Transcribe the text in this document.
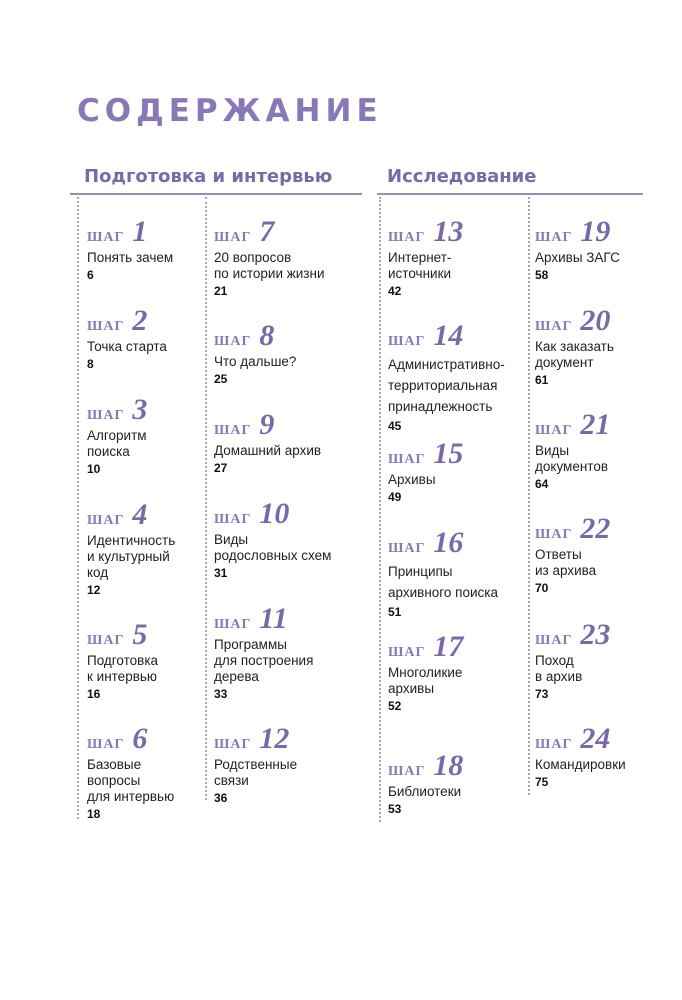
СОДЕРЖАНИЕ
Подготовка и интервью	Исследование
ШАГ 1
Понять зачем
6
ШАГ 2
Точка старта
8
ШАГ 3
Алгоритм
поиска
10
ШАГ 4
Идентичность
и культурный
код
12
ШАГ 5
Подготовка
к интервью
16
ШАГ 6
Базовые
вопросы
для интервью
18
ШАГ 7
20 вопросов
по истории жизни
21
ШАГ 8
Что дальше?
25
ШАГ 9
Домашний архив
27
ШАГ 10
Виды
родословных схем
31
ШАГ 11
Программы
для построения
дерева
33
ШАГ 12
Родственные
связи
36
ШАГ 13
Интернет-
источники
42
ШАГ 14
Административно-
территориальная
принадлежность
45
ШАГ 15
Архивы
49
ШАГ 16
Принципы
архивного поиска
51
ШАГ 17
Многоликие
архивы
52
ШАГ 18
Библиотеки
53
ШАГ 19
Архивы ЗАГС
58
ШАГ 20
Как заказать
документ
61
ШАГ 21
Виды
документов
64
ШАГ 22
Ответы
из архива
70
ШАГ 23
Поход
в архив
73
ШАГ 24
Командировки
75
